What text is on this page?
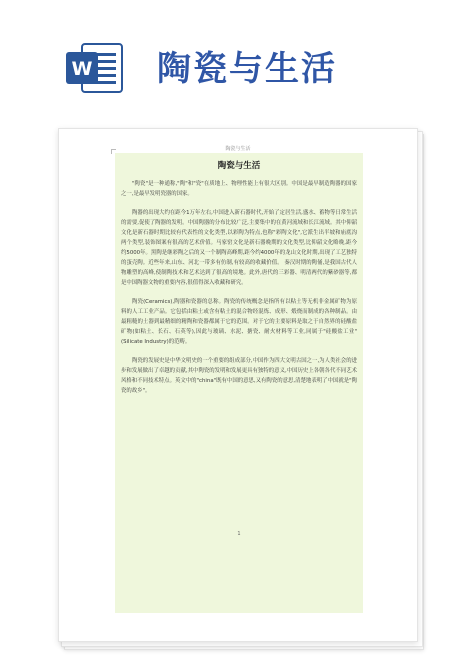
W 陶瓷与生活
陶瓷与生活
陶瓷与生活

"陶瓷"是一种通称,"陶"和"瓷"在质地上、物理性能上有很大区别。中国是最早制造陶器的国家之一,是最早发明瓷器的国家。

陶器的出现大约在距今1万年左右,中国进入新石器时代,开始了定居生活,盛水、蓄物等日常生活的需要,促使了陶器的发明。中国陶器的分布比较广泛,主要集中的在黄河流域和长江流域。其中仰韶文化是新石器时期比较有代表性的文化类型,以彩陶为特点,也称"彩陶文化",它派生出半坡和庙底沟两个类型,装饰图案有很高的艺术价值。马家窑文化是新石器晚期的文化类型,比仰韶文化略晚,距今约5000年。黑陶是继彩陶之后的又一个制陶高峰期,距今约4000年的龙山文化时期,出现了工艺独特的蛋壳陶。近些年来,山东、河北一带多有仿制,有较高的收藏价值。 秦汉时期的陶俑,是我国古代人物雕塑的高峰,使制陶技术和艺术达到了很高的境地。此外,唐代的三彩器、明清两代的紫砂器等,都是中国陶器文物的重要内容,很值得深入收藏和研究。

陶瓷(Ceramics),陶器和瓷器的总称。陶瓷的传统概念是指所有以粘土等无机非金属矿物为原料的人工工业产品。它包括由粘土或含有粘土的混合物经混炼、成形、煅烧而制成的各种制品。由最粗糙的土器到最精细的精陶和瓷器都属于它的范围。对于它的主要原料是取之于自然界的硅酸盐矿物(如粘土、长石、石英等),因此与玻璃、水泥、搪瓷、耐火材料等工业,同属于"硅酸盐工业"(Silicate Industry)的范畴。

陶瓷的发展史是中华文明史的一个重要的组成部分,中国作为四大文明古国之一,为人类社会的进步和发展做出了卓越的贡献,其中陶瓷的发明和发展更具有独特的意义,中国历史上各朝各代不同艺术风格和不同技术特点。英文中的"china"既有中国的意思,又有陶瓷的意思,清楚地表明了中国就是"陶瓷的故乡"。

1
